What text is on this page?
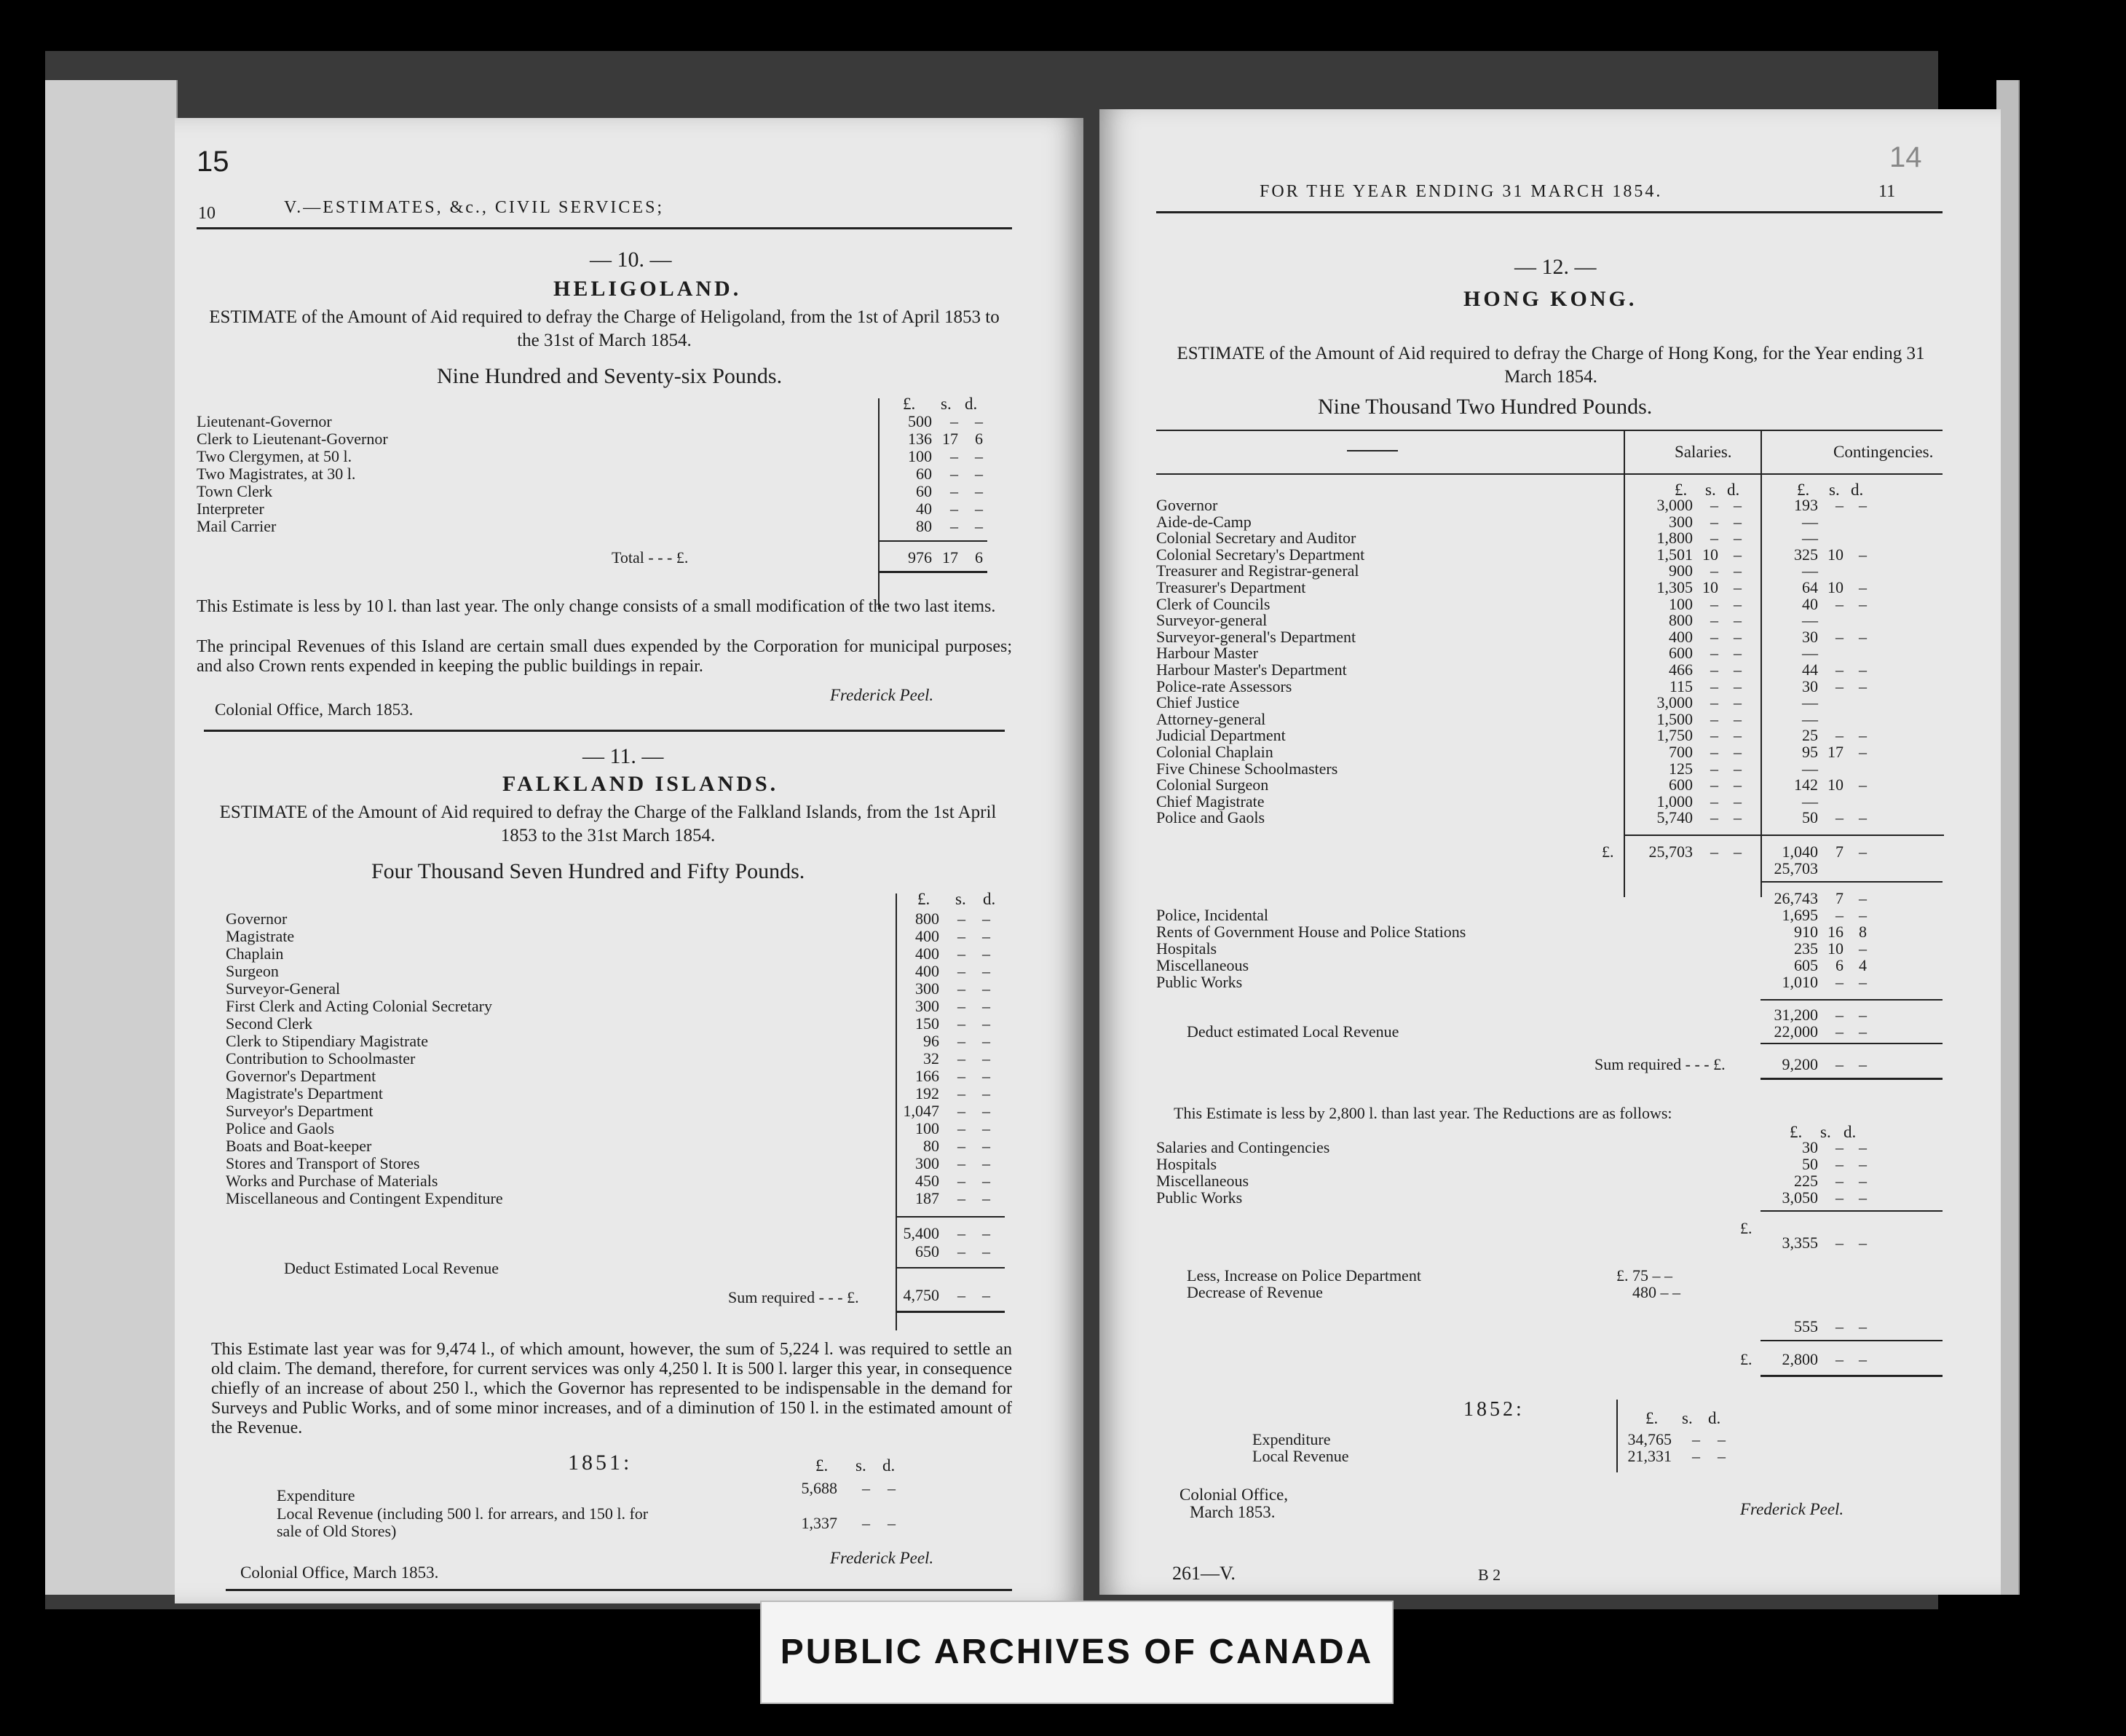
15
10	V.—ESTIMATES, &c., CIVIL SERVICES;
— 10. —
HELIGOLAND.
ESTIMATE of the Amount of Aid required to defray the Charge of Heligoland, from the 1st of April 1853 to the 31st of March 1854.
Nine Hundred and Seventy-six Pounds.
£. s. d.
Lieutenant-Governor	500	–	–
Clerk to Lieutenant-Governor	136 17	6
Two Clergymen, at 50 l.	100	–	–
Two Magistrates, at 30 l.	60	–	–
Town Clerk	60	–	–
Interpreter	40	–	–
Mail Carrier	80	–	–
Total - - - £.	976 17	6
This Estimate is less by 10 l. than last year. The only change consists of a small modification of the two last items.
The principal Revenues of this Island are certain small dues expended by the Corporation for municipal purposes; and also Crown rents expended in keeping the public buildings in repair.
Colonial Office, March 1853.
Frederick Peel.
— 11. —
FALKLAND ISLANDS.
ESTIMATE of the Amount of Aid required to defray the Charge of the Falkland Islands, from the 1st April 1853 to the 31st March 1854.
Four Thousand Seven Hundred and Fifty Pounds.
£. s. d.
Governor	800	–	–
Magistrate	400	–	–
Chaplain	400	–	–
Surgeon	400	–	–
Surveyor-General	300	–	–
First Clerk and Acting Colonial Secretary	300	–	–
Second Clerk	150	–	–
Clerk to Stipendiary Magistrate	96	–	–
Contribution to Schoolmaster	32	–	–
Governor's Department	166	–	–
Magistrate's Department	192	–	–
Surveyor's Department	1,047	–	–
Police and Gaols	100	–	–
Boats and Boat-keeper	80	–	–
Stores and Transport of Stores	300	–	–
Works and Purchase of Materials	450	–	–
Miscellaneous and Contingent Expenditure	187	–	–
5,400	–	–
Deduct Estimated Local Revenue
650	–	–
Sum required - - - £.	4,750	–	–
This Estimate last year was for 9,474 l., of which amount, however, the sum of 5,224 l. was required to settle an old claim. The demand, therefore, for current services was only 4,250 l. It is 500 l. larger this year, in consequence chiefly of an increase of about 250 l., which the Governor has represented to be indispensable in the demand for Surveys and Public Works, and of some minor increases, and of a diminution of 150 l. in the estimated amount of the Revenue.
1851:	£. s. d.
Expenditure	5,688	–	–
Local Revenue (including 500 l. for arrears, and 150 l. for sale of Old Stores)	1,337	–	–
Colonial Office, March 1853.
Frederick Peel.
14
FOR THE YEAR ENDING 31 MARCH 1854.	11
— 12. —
HONG KONG.
ESTIMATE of the Amount of Aid required to defray the Charge of Hong Kong, for the Year ending 31 March 1854.
Nine Thousand Two Hundred Pounds.
Salaries.	Contingencies.
£. s. d.	£. s. d.
Governor	3,000	– –	193	– –
Aide-de-Camp	300	– –	—
Colonial Secretary and Auditor	1,800	– –	—
Colonial Secretary's Department	1,501 10 –	325 10 –
Treasurer and Registrar-general	900	– –	—
Treasurer's Department	1,305 10 –	64 10 –
Clerk of Councils	100	– –	40	– –
Surveyor-general	800	– –	—
Surveyor-general's Department	400	– –	30	– –
Harbour Master	600	– –	—
Harbour Master's Department	466	– –	44	– –
Police-rate Assessors	115	– –	30	– –
Chief Justice	3,000	– –	—
Attorney-general	1,500	– –	—
Judicial Department	1,750	– –	25	– –
Colonial Chaplain	700	– –	95 17 –
Five Chinese Schoolmasters	125	– –	—
Colonial Surgeon	600	– –	142 10 –
Chief Magistrate	1,000	– –	—
Police and Gaols	5,740	– –	50	– –
£.	25,703	– –	1,040	7 –
25,703
26,743	7 –
Police, Incidental	1,695	– –
Rents of Government House and Police Stations	910 16 8
Hospitals	235 10 –
Miscellaneous	605	6 4
Public Works	1,010	– –
31,200	– –
Deduct estimated Local Revenue	22,000	– –
Sum required - - - £.	9,200	– –
This Estimate is less by 2,800 l. than last year. The Reductions are as follows:
£. s. d.
Salaries and Contingencies	30	– –
Hospitals	50	– –
Miscellaneous	225	– –
Public Works	3,050	– –
£.
3,355	– –
Less, Increase on Police Department	£. 75 – –
Decrease of Revenue	480 – –
555	– –
£.	2,800	– –
1852:	£. s. d.
Expenditure	34,765	–	–
Local Revenue	21,331	–	–
Colonial Office,
March 1853.	Frederick Peel.
261—V.	B 2
PUBLIC ARCHIVES OF CANADA
